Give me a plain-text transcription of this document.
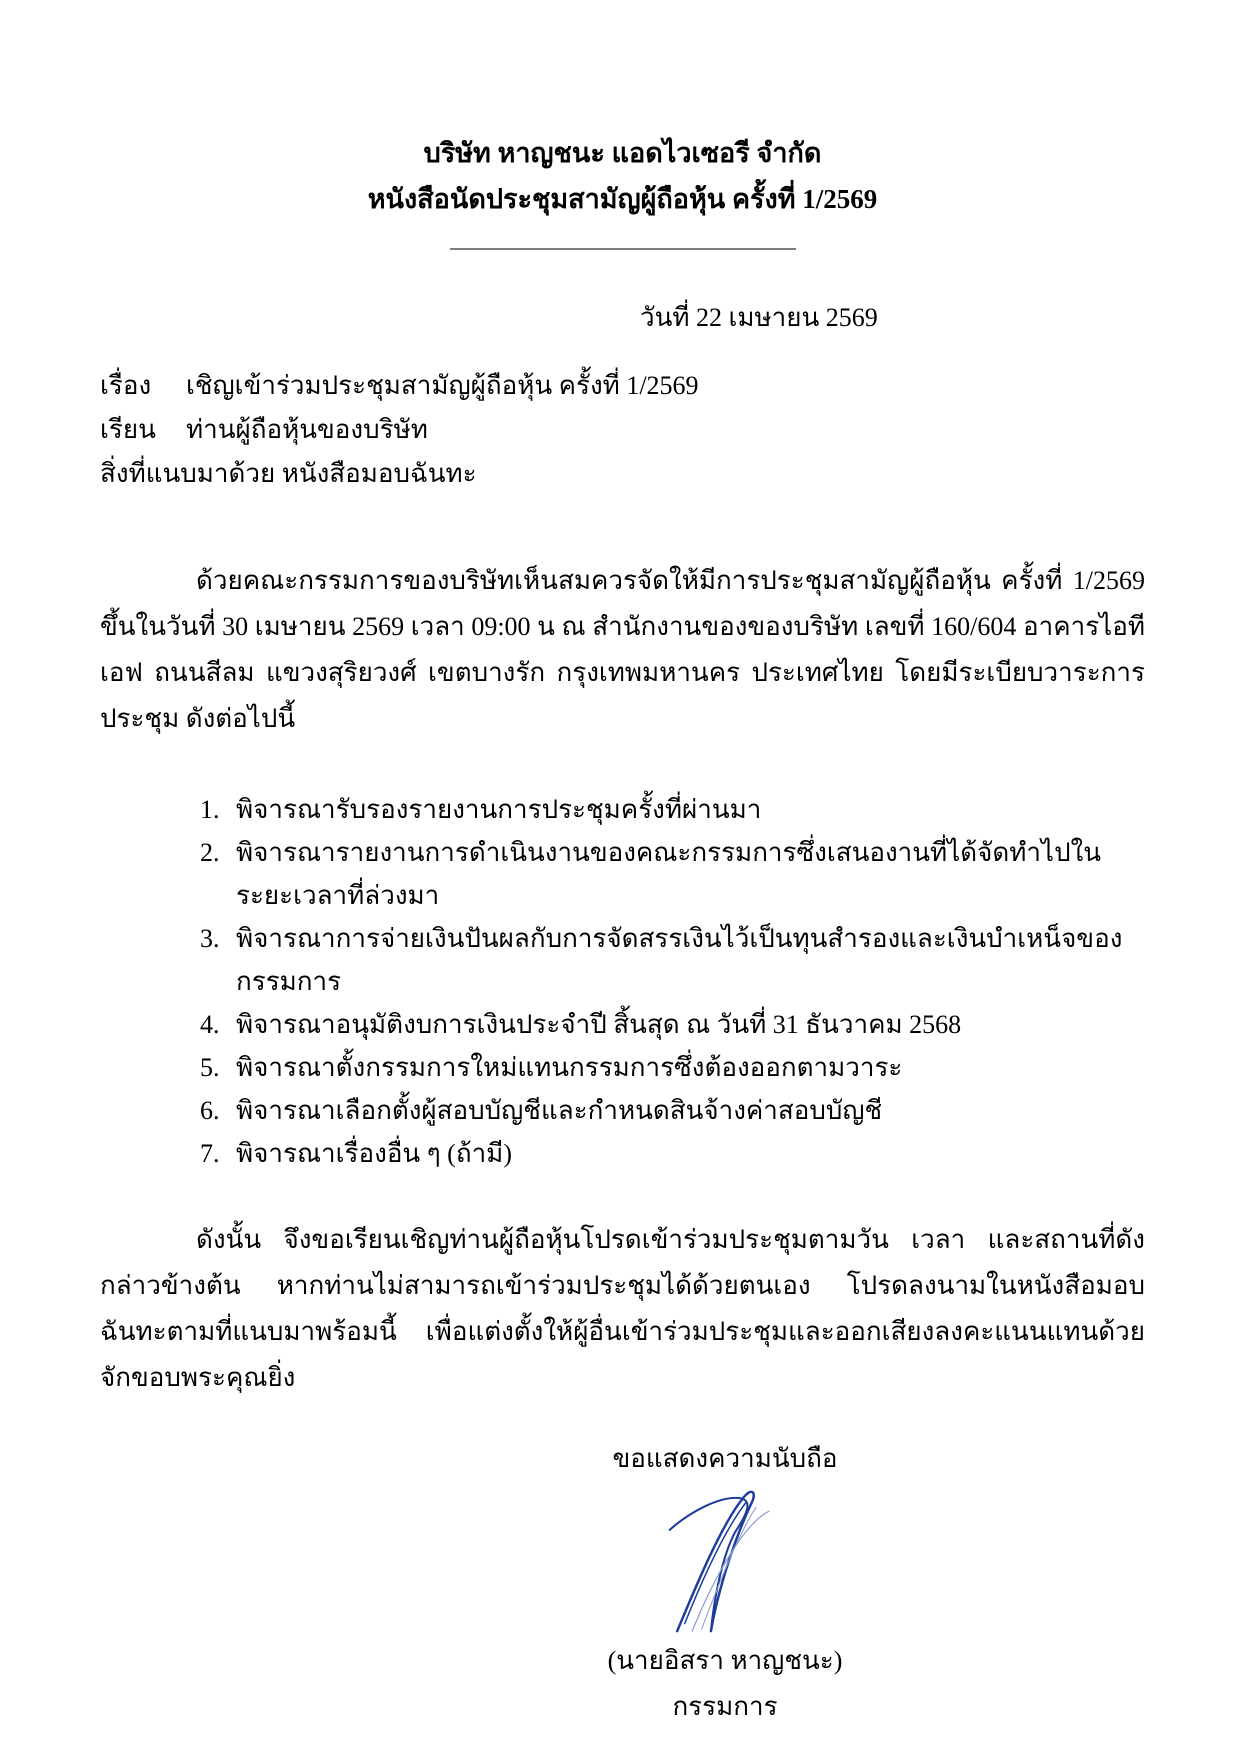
บริษัท หาญชนะ แอดไวเซอรี จำกัด
หนังสือนัดประชุมสามัญผู้ถือหุ้น ครั้งที่ 1/2569
วันที่ 22 เมษายน 2569
เรื่อง	เชิญเข้าร่วมประชุมสามัญผู้ถือหุ้น ครั้งที่ 1/2569
เรียน	ท่านผู้ถือหุ้นของบริษัท
สิ่งที่แนบมาด้วย หนังสือมอบฉันทะ

ด้วยคณะกรรมการของบริษัทเห็นสมควรจัดให้มีการประชุมสามัญผู้ถือหุ้น ครั้งที่ 1/2569 ขึ้นในวันที่ 30 เมษายน 2569 เวลา 09:00 น ณ สำนักงานของของบริษัท เลขที่ 160/604 อาคารไอทีเอฟ ถนนสีลม แขวงสุริยวงศ์ เขตบางรัก กรุงเทพมหานคร ประเทศไทย โดยมีระเบียบวาระการประชุม ดังต่อไปนี้

1. พิจารณารับรองรายงานการประชุมครั้งที่ผ่านมา
2. พิจารณารายงานการดำเนินงานของคณะกรรมการซึ่งเสนองานที่ได้จัดทำไปในระยะเวลาที่ล่วงมา
3. พิจารณาการจ่ายเงินปันผลกับการจัดสรรเงินไว้เป็นทุนสำรองและเงินบำเหน็จของกรรมการ
4. พิจารณาอนุมัติงบการเงินประจำปี สิ้นสุด ณ วันที่ 31 ธันวาคม 2568
5. พิจารณาตั้งกรรมการใหม่แทนกรรมการซึ่งต้องออกตามวาระ
6. พิจารณาเลือกตั้งผู้สอบบัญชีและกำหนดสินจ้างค่าสอบบัญชี
7. พิจารณาเรื่องอื่น ๆ (ถ้ามี)

ดังนั้น จึงขอเรียนเชิญท่านผู้ถือหุ้นโปรดเข้าร่วมประชุมตามวัน เวลา และสถานที่ดังกล่าวข้างต้น หากท่านไม่สามารถเข้าร่วมประชุมได้ด้วยตนเอง โปรดลงนามในหนังสือมอบฉันทะตามที่แนบมาพร้อมนี้ เพื่อแต่งตั้งให้ผู้อื่นเข้าร่วมประชุมและออกเสียงลงคะแนนแทนด้วย จักขอบพระคุณยิ่ง

ขอแสดงความนับถือ
(นายอิสรา หาญชนะ)
กรรมการ
